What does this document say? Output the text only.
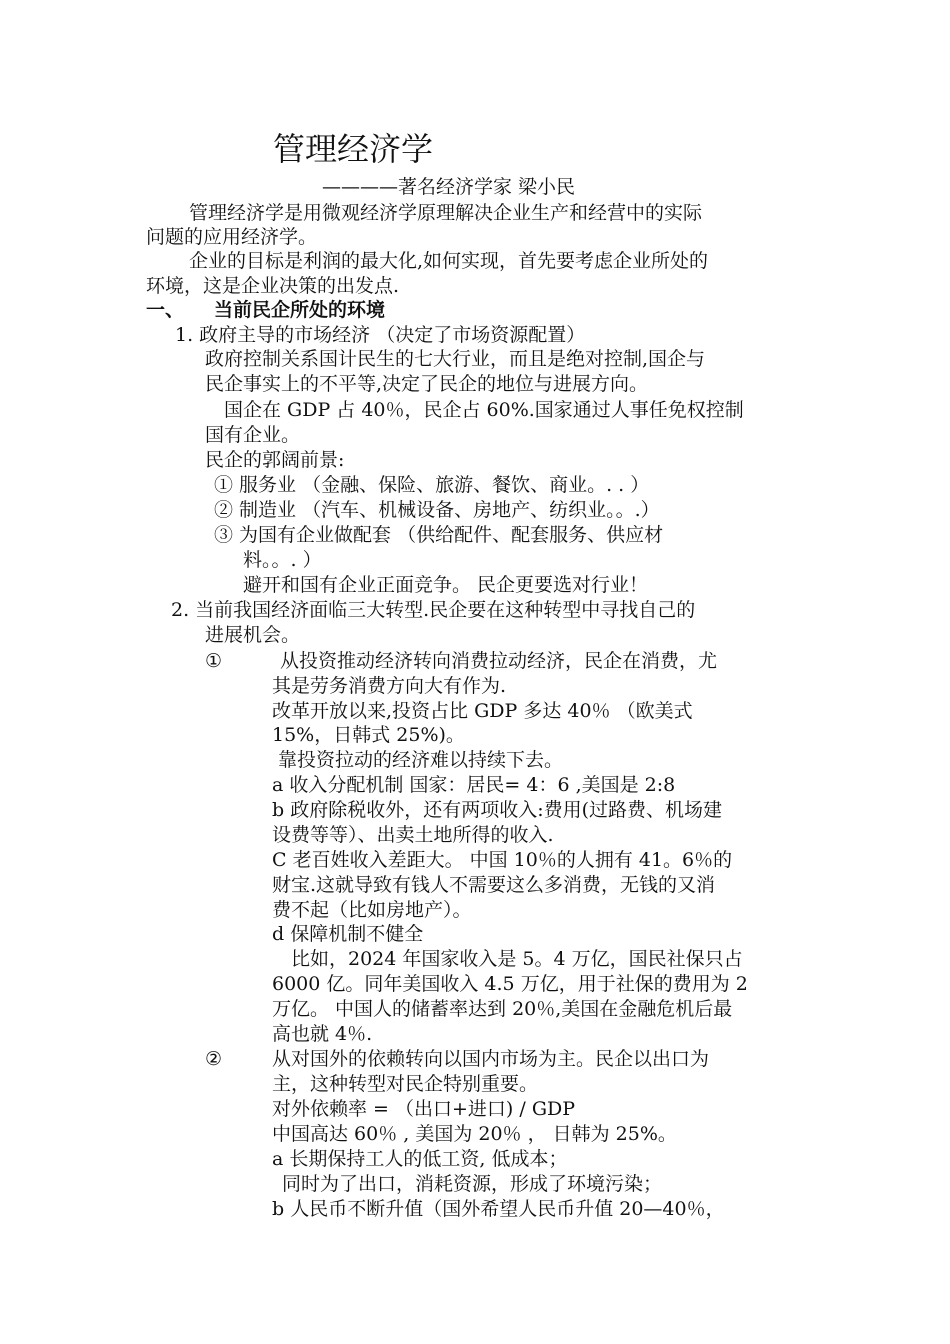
管理经济学
————著名经济学家 梁小民
管理经济学是用微观经济学原理解决企业生产和经营中的实际
问题的应用经济学。
企业的目标是利润的最大化,如何实现，首先要考虑企业所处的
环境，这是企业决策的出发点.
一、 当前民企所处的环境
1. 政府主导的市场经济 （决定了市场资源配置）
政府控制关系国计民生的七大行业，而且是绝对控制,国企与
民企事实上的不平等,决定了民企的地位与进展方向。
国企在 GDP 占 40％，民企占 60%.国家通过人事任免权控制
国有企业。
民企的郭阔前景:
① 服务业 （金融、保险、旅游、餐饮、商业。. . ）
② 制造业 （汽车、机械设备、房地产、纺织业。。.）
③ 为国有企业做配套 （供给配件、配套服务、供应材
料。。. ）
避开和国有企业正面竞争。 民企更要选对行业！
2. 当前我国经济面临三大转型.民企要在这种转型中寻找自己的
进展机会。
①	从投资推动经济转向消费拉动经济，民企在消费，尤
其是劳务消费方向大有作为.
改革开放以来,投资占比 GDP 多达 40％ （欧美式
15%，日韩式 25%)。
靠投资拉动的经济难以持续下去。
a 收入分配机制 国家：居民= 4：6 ,美国是 2:8
b 政府除税收外，还有两项收入:费用(过路费、机场建
设费等等）、出卖土地所得的收入.
C 老百姓收入差距大。 中国 10％的人拥有 41。6％的
财宝.这就导致有钱人不需要这么多消费，无钱的又消
费不起（比如房地产）。
d 保障机制不健全
比如，2024 年国家收入是 5。4 万亿，国民社保只占
6000 亿。同年美国收入 4.5 万亿，用于社保的费用为 2
万亿。 中国人的储蓄率达到 20％,美国在金融危机后最
高也就 4％.
②	从对国外的依赖转向以国内市场为主。民企以出口为
主，这种转型对民企特别重要。
对外依赖率 = （出口+进口) / GDP
中国高达 60％ , 美国为 20％ ， 日韩为 25%。
a 长期保持工人的低工资, 低成本；
同时为了出口，消耗资源，形成了环境污染；
b 人民币不断升值（国外希望人民币升值 20—40％，
